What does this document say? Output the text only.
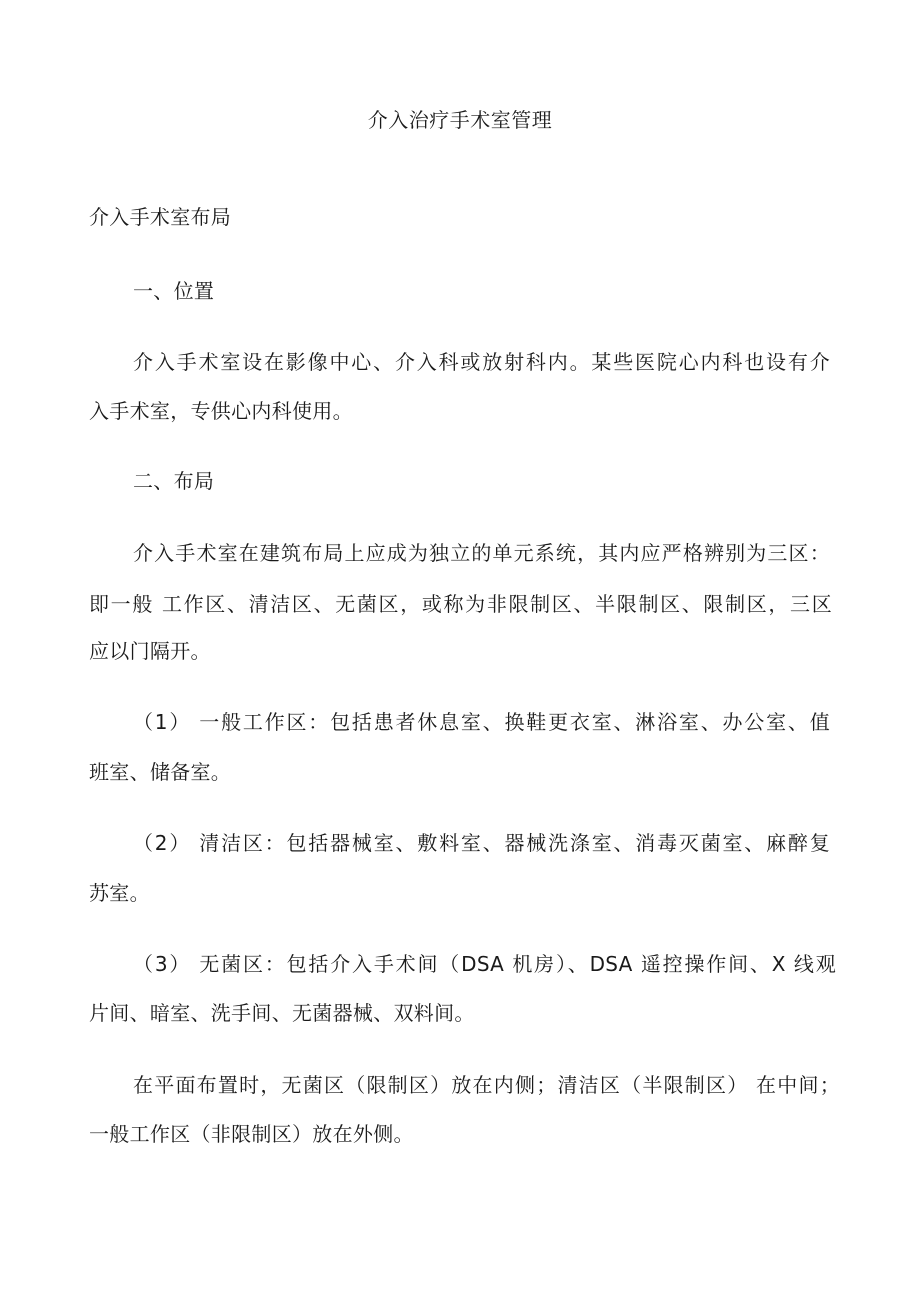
介入治疗手术室管理
介入手术室布局
一、位置
介入手术室设在影像中心、介入科或放射科内。某些医院心内科也设有介
入手术室，专供心内科使用。
二、布局
介入手术室在建筑布局上应成为独立的单元系统，其内应严格辨别为三区：
即一般 工作区、清洁区、无菌区，或称为非限制区、半限制区、限制区，三区
应以门隔开。
（1） 一般工作区：包括患者休息室、换鞋更衣室、淋浴室、办公室、值
班室、储备室。
（2） 清洁区：包括器械室、敷料室、器械洗涤室、消毒灭菌室、麻醉复
苏室。
（3） 无菌区：包括介入手术间（DSA 机房）、DSA 遥控操作间、X 线观
片间、暗室、洗手间、无菌器械、双料间。
在平面布置时，无菌区（限制区）放在内侧；清洁区（半限制区） 在中间；
一般工作区（非限制区）放在外侧。
